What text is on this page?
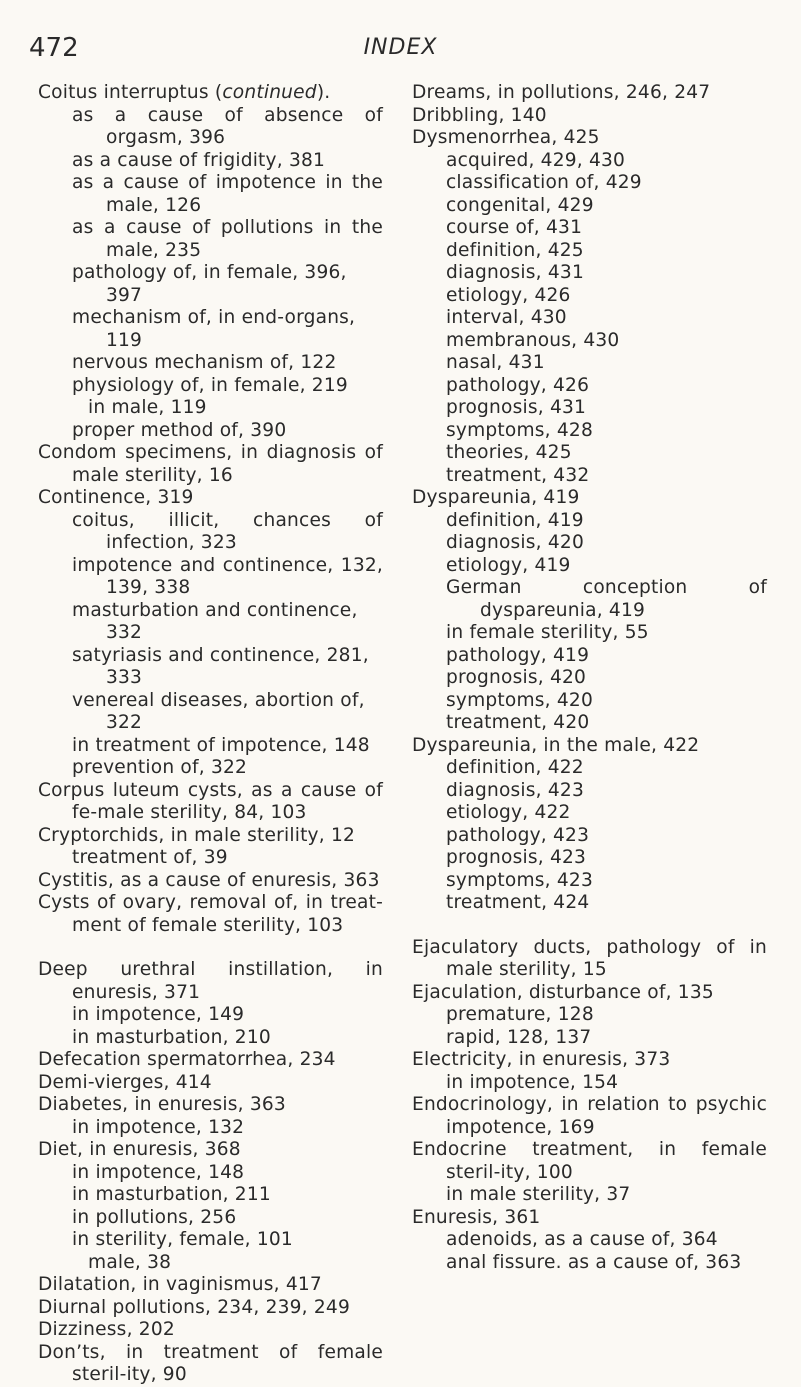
472	INDEX
Coitus interruptus (continued).
as a cause of absence of orgasm, 396
as a cause of frigidity, 381
as a cause of impotence in the male, 126
as a cause of pollutions in the male, 235
pathology of, in female, 396, 397
mechanism of, in end-organs, 119
nervous mechanism of, 122
physiology of, in female, 219
in male, 119
proper method of, 390
Condom specimens, in diagnosis of male sterility, 16
Continence, 319
coitus, illicit, chances of infection, 323
impotence and continence, 132, 139, 338
masturbation and continence, 332
satyriasis and continence, 281, 333
venereal diseases, abortion of, 322
in treatment of impotence, 148
prevention of, 322
Corpus luteum cysts, as a cause of fe-male sterility, 84, 103
Cryptorchids, in male sterility, 12
treatment of, 39
Cystitis, as a cause of enuresis, 363
Cysts of ovary, removal of, in treat-ment of female sterility, 103
Deep urethral instillation, in enuresis, 371
in impotence, 149
in masturbation, 210
Defecation spermatorrhea, 234
Demi-vierges, 414
Diabetes, in enuresis, 363
in impotence, 132
Diet, in enuresis, 368
in impotence, 148
in masturbation, 211
in pollutions, 256
in sterility, female, 101
male, 38
Dilatation, in vaginismus, 417
Diurnal pollutions, 234, 239, 249
Dizziness, 202
Don’ts, in treatment of female steril-ity, 90
Dreams, in pollutions, 246, 247
Dribbling, 140
Dysmenorrhea, 425
acquired, 429, 430
classification of, 429
congenital, 429
course of, 431
definition, 425
diagnosis, 431
etiology, 426
interval, 430
membranous, 430
nasal, 431
pathology, 426
prognosis, 431
symptoms, 428
theories, 425
treatment, 432
Dyspareunia, 419
definition, 419
diagnosis, 420
etiology, 419
German conception of dyspareunia, 419
in female sterility, 55
pathology, 419
prognosis, 420
symptoms, 420
treatment, 420
Dyspareunia, in the male, 422
definition, 422
diagnosis, 423
etiology, 422
pathology, 423
prognosis, 423
symptoms, 423
treatment, 424
Ejaculatory ducts, pathology of in male sterility, 15
Ejaculation, disturbance of, 135
premature, 128
rapid, 128, 137
Electricity, in enuresis, 373
in impotence, 154
Endocrinology, in relation to psychic impotence, 169
Endocrine treatment, in female steril-ity, 100
in male sterility, 37
Enuresis, 361
adenoids, as a cause of, 364
anal fissure. as a cause of, 363
